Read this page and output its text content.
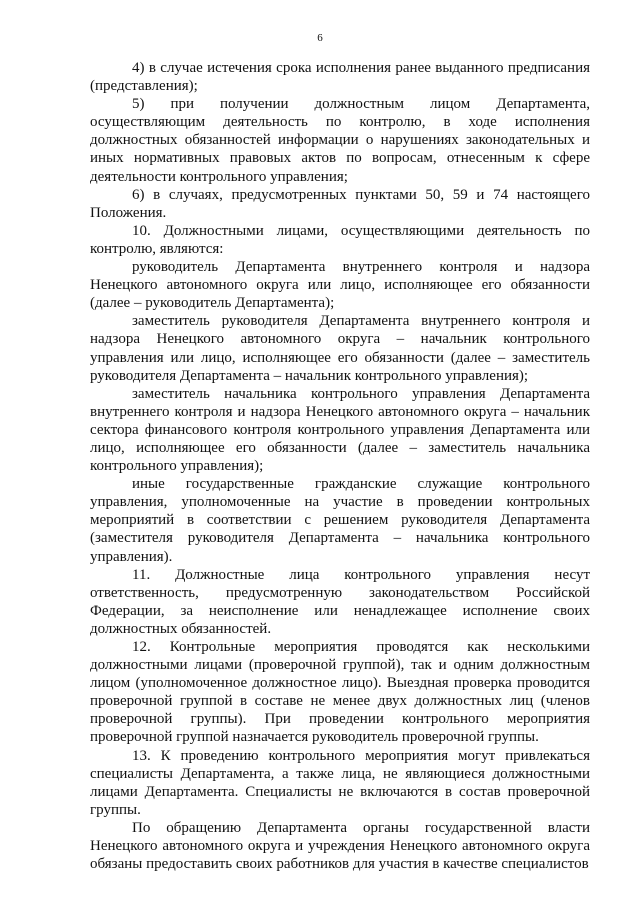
6

4) в случае истечения срока исполнения ранее выданного предписания (представления);

5) при получении должностным лицом Департамента, осуществляющим деятельность по контролю, в ходе исполнения должностных обязанностей информации о нарушениях законодательных и иных нормативных правовых актов по вопросам, отнесенным к сфере деятельности контрольного управления;

6) в случаях, предусмотренных пунктами 50, 59 и 74 настоящего Положения.

10. Должностными лицами, осуществляющими деятельность по контролю, являются:

руководитель Департамента внутреннего контроля и надзора Ненецкого автономного округа или лицо, исполняющее его обязанности (далее – руководитель Департамента);

заместитель руководителя Департамента внутреннего контроля и надзора Ненецкого автономного округа – начальник контрольного управления или лицо, исполняющее его обязанности (далее – заместитель руководителя Департамента – начальник контрольного управления);

заместитель начальника контрольного управления Департамента внутреннего контроля и надзора Ненецкого автономного округа – начальник сектора финансового контроля контрольного управления Департамента или лицо, исполняющее его обязанности (далее – заместитель начальника контрольного управления);

иные государственные гражданские служащие контрольного управления, уполномоченные на участие в проведении контрольных мероприятий в соответствии с решением руководителя Департамента (заместителя руководителя Департамента – начальника контрольного управления).

11. Должностные лица контрольного управления несут ответственность, предусмотренную законодательством Российской Федерации, за неисполнение или ненадлежащее исполнение своих должностных обязанностей.

12. Контрольные мероприятия проводятся как несколькими должностными лицами (проверочной группой), так и одним должностным лицом (уполномоченное должностное лицо). Выездная проверка проводится проверочной группой в составе не менее двух должностных лиц (членов проверочной группы). При проведении контрольного мероприятия проверочной группой назначается руководитель проверочной группы.

13. К проведению контрольного мероприятия могут привлекаться специалисты Департамента, а также лица, не являющиеся должностными лицами Департамента. Специалисты не включаются в состав проверочной группы.

По обращению Департамента органы государственной власти Ненецкого автономного округа и учреждения Ненецкого автономного округа обязаны предоставить своих работников для участия в качестве специалистов
